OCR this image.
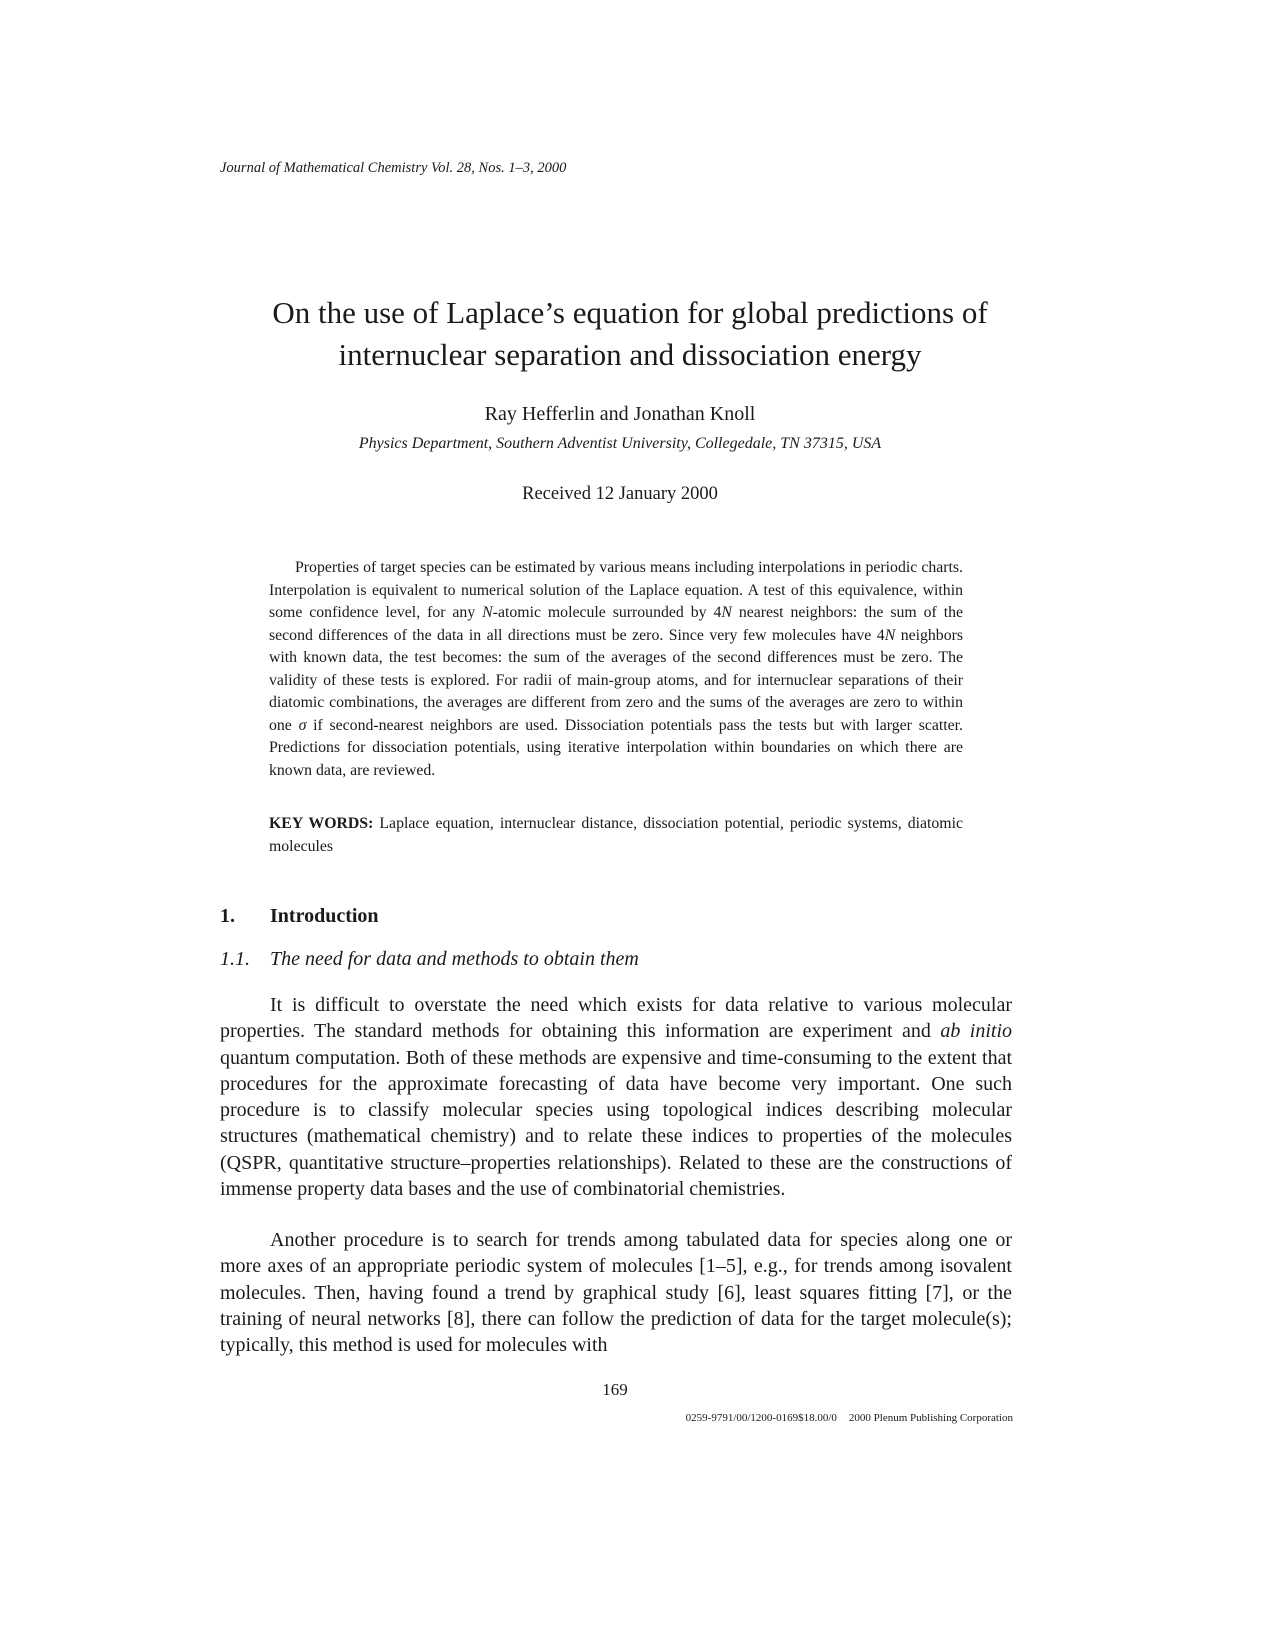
Journal of Mathematical Chemistry Vol. 28, Nos. 1–3, 2000
On the use of Laplace’s equation for global predictions of
internuclear separation and dissociation energy
Ray Hefferlin and Jonathan Knoll
Physics Department, Southern Adventist University, Collegedale, TN 37315, USA
Received 12 January 2000

Properties of target species can be estimated by various means including interpolations in periodic charts. Interpolation is equivalent to numerical solution of the Laplace equation. A test of this equivalence, within some confidence level, for any N-atomic molecule surrounded by 4N nearest neighbors: the sum of the second differences of the data in all directions must be zero. Since very few molecules have 4N neighbors with known data, the test becomes: the sum of the averages of the second differences must be zero. The validity of these tests is explored. For radii of main-group atoms, and for internuclear separations of their diatomic combinations, the averages are different from zero and the sums of the averages are zero to within one σ if second-nearest neighbors are used. Dissociation potentials pass the tests but with larger scatter. Predictions for dissociation potentials, using iterative interpolation within boundaries on which there are known data, are reviewed.

KEY WORDS: Laplace equation, internuclear distance, dissociation potential, periodic systems, diatomic molecules

1. Introduction
1.1. The need for data and methods to obtain them

It is difficult to overstate the need which exists for data relative to various molecular properties. The standard methods for obtaining this information are experiment and ab initio quantum computation. Both of these methods are expensive and time-consuming to the extent that procedures for the approximate forecasting of data have become very important. One such procedure is to classify molecular species using topological indices describing molecular structures (mathematical chemistry) and to relate these indices to properties of the molecules (QSPR, quantitative structure–properties relationships). Related to these are the constructions of immense property data bases and the use of combinatorial chemistries.

Another procedure is to search for trends among tabulated data for species along one or more axes of an appropriate periodic system of molecules [1–5], e.g., for trends among isovalent molecules. Then, having found a trend by graphical study [6], least squares fitting [7], or the training of neural networks [8], there can follow the prediction of data for the target molecule(s); typically, this method is used for molecules with

169
0259-9791/00/1200-0169$18.00/0 2000 Plenum Publishing Corporation
